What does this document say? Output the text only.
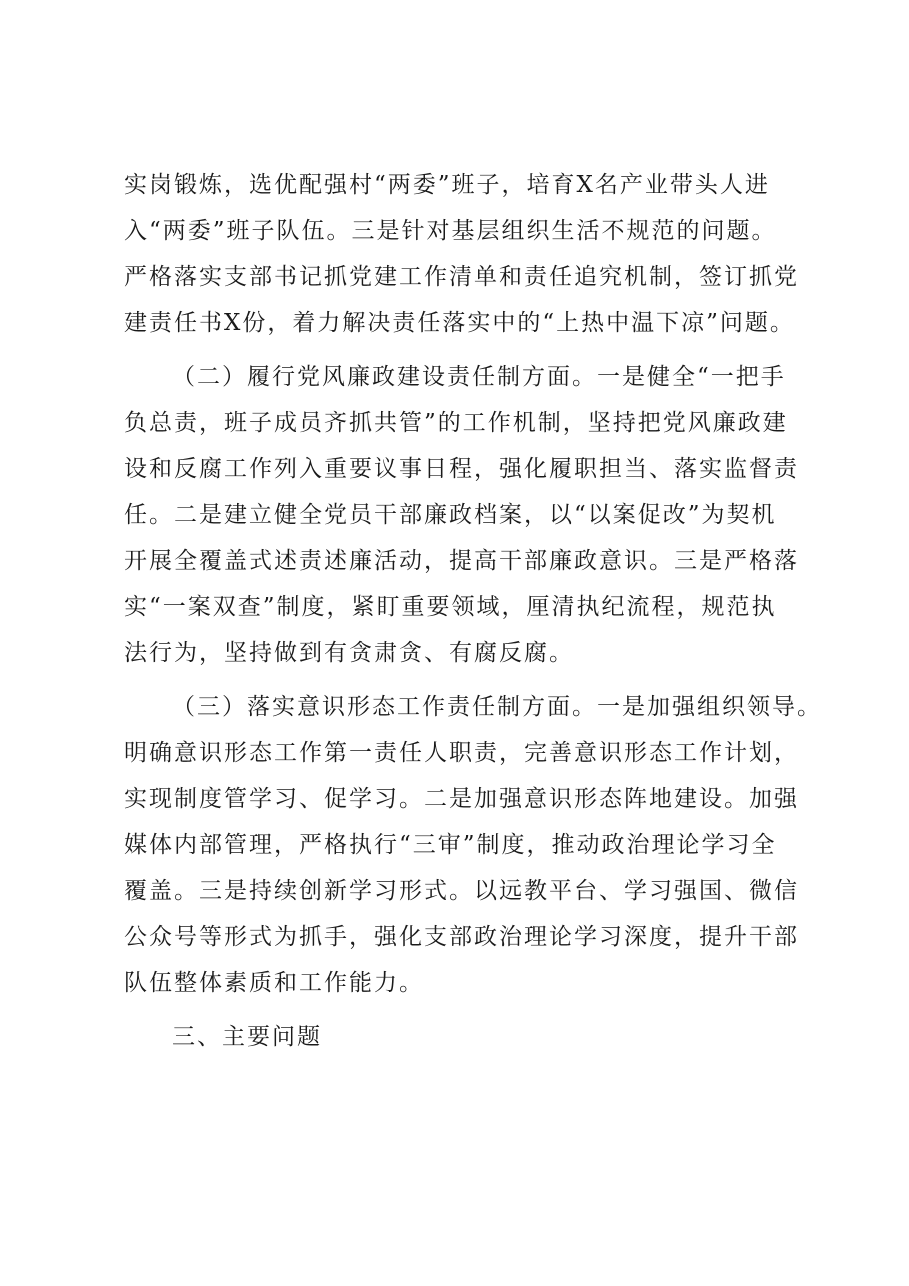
实岗锻炼，选优配强村“两委”班子，培育X名产业带头人进
入“两委”班子队伍。三是针对基层组织生活不规范的问题。
严格落实支部书记抓党建工作清单和责任追究机制，签订抓党
建责任书X份，着力解决责任落实中的“上热中温下凉”问题。
（二）履行党风廉政建设责任制方面。一是健全“一把手
负总责，班子成员齐抓共管”的工作机制，坚持把党风廉政建
设和反腐工作列入重要议事日程，强化履职担当、落实监督责
任。二是建立健全党员干部廉政档案，以“以案促改”为契机
开展全覆盖式述责述廉活动，提高干部廉政意识。三是严格落
实“一案双查”制度，紧盯重要领域，厘清执纪流程，规范执
法行为，坚持做到有贪肃贪、有腐反腐。
（三）落实意识形态工作责任制方面。一是加强组织领导。
明确意识形态工作第一责任人职责，完善意识形态工作计划，
实现制度管学习、促学习。二是加强意识形态阵地建设。加强
媒体内部管理，严格执行“三审”制度，推动政治理论学习全
覆盖。三是持续创新学习形式。以远教平台、学习强国、微信
公众号等形式为抓手，强化支部政治理论学习深度，提升干部
队伍整体素质和工作能力。
三、主要问题
